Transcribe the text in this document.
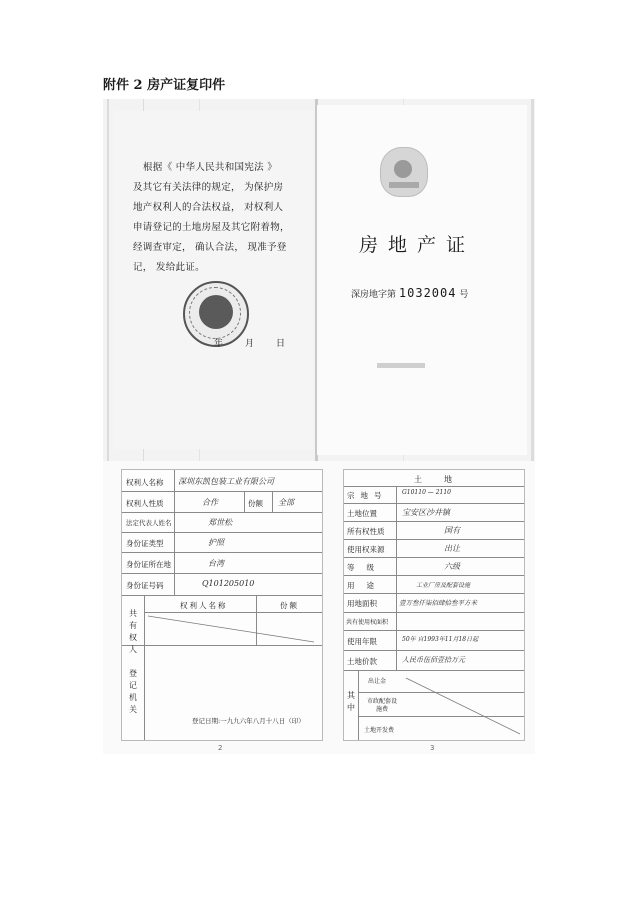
附件 2 房产证复印件
根据《 中华人民共和国宪法 》
及其它有关法律的规定， 为保护房
地产权利人的合法权益， 对权利人
申请登记的土地房屋及其它附着物，
经调查审定， 确认合法， 现准予登
记， 发给此证。
年月日
房地产证
深房地字第 1032004 号
权利人名称 深圳东凯包装工业有限公司
权利人性质	合作	份额 全部
法定代表人姓名	郑世松
身份证类型	护照
身份证所在地	台湾
身份证号码	Q101205010
共有权人
权利人名称	份额
登记机关
登记日期:一九九六年八月十八日（印）
2
土地
宗地号 G10110 — 2110
土地位置	宝安区沙井镇
所有权性质	国有
使用权来源	出让
等级	六级
用途	工业厂房及配套设施
用地面积	壹万叁仟柒佰肆拾叁平方米
共有使用权面积
使用年限	50年 自1993年11月18日起
土地价款	人民币伍佰壹拾万元
其中
出让金
市政配套设施费
土地开发费
3
